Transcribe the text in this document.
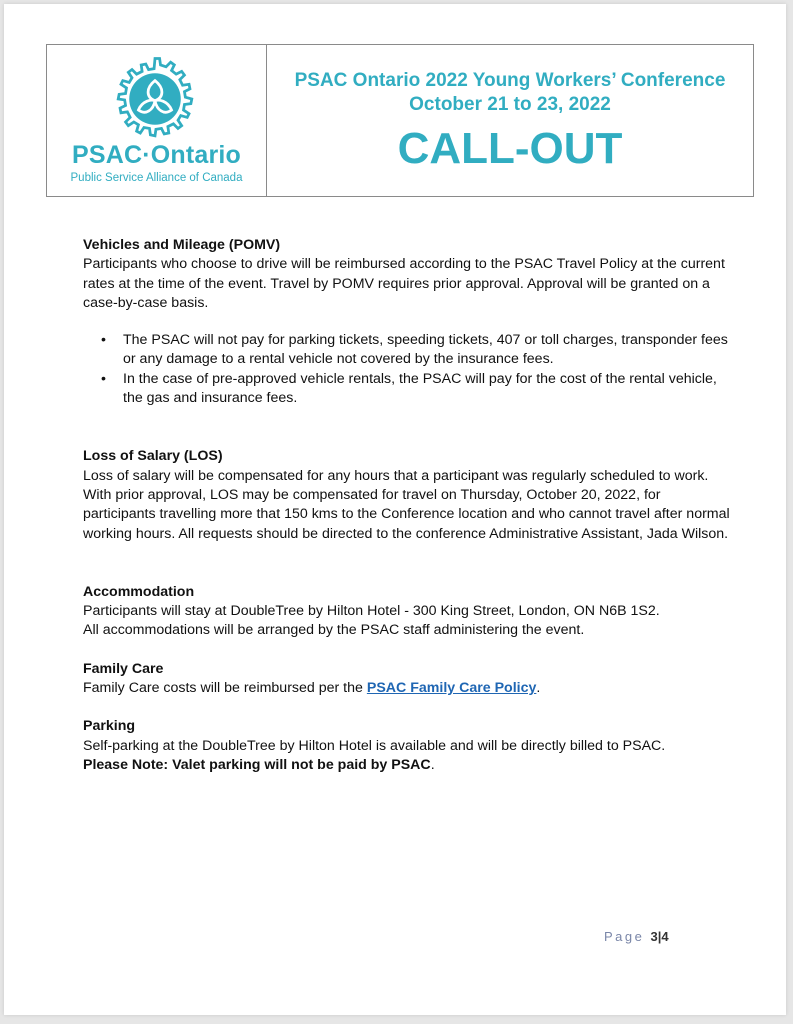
PSAC·Ontario
Public Service Alliance of Canada
PSAC Ontario 2022 Young Workers’ Conference
October 21 to 23, 2022
CALL-OUT
Vehicles and Mileage (POMV)

Participants who choose to drive will be reimbursed according to the PSAC Travel Policy at the current rates at the time of the event. Travel by POMV requires prior approval. Approval will be granted on a case-by-case basis.

• The PSAC will not pay for parking tickets, speeding tickets, 407 or toll charges, transponder fees or any damage to a rental vehicle not covered by the insurance fees.
• In the case of pre-approved vehicle rentals, the PSAC will pay for the cost of the rental vehicle, the gas and insurance fees.
Loss of Salary (LOS)

Loss of salary will be compensated for any hours that a participant was regularly scheduled to work. With prior approval, LOS may be compensated for travel on Thursday, October 20, 2022, for participants travelling more that 150 kms to the Conference location and who cannot travel after normal working hours. All requests should be directed to the conference Administrative Assistant, Jada Wilson.

Accommodation

Participants will stay at DoubleTree by Hilton Hotel - 300 King Street, London, ON N6B 1S2.

All accommodations will be arranged by the PSAC staff administering the event.

Family Care

Family Care costs will be reimbursed per the PSAC Family Care Policy.

Parking

Self-parking at the DoubleTree by Hilton Hotel is available and will be directly billed to PSAC.

Please Note: Valet parking will not be paid by PSAC.

Page 3|4
